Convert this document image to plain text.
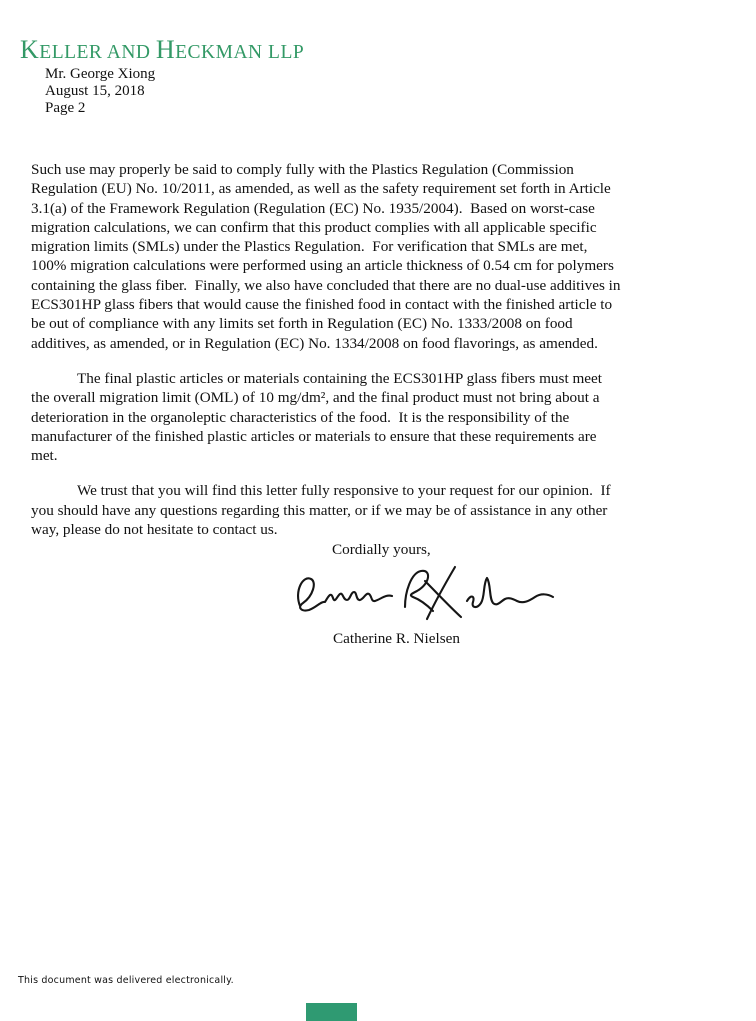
KELLER AND HECKMAN LLP
Mr. George Xiong
August 15, 2018
Page 2
Such use may properly be said to comply fully with the Plastics Regulation (Commission
Regulation (EU) No. 10/2011, as amended, as well as the safety requirement set forth in Article
3.1(a) of the Framework Regulation (Regulation (EC) No. 1935/2004).  Based on worst-case
migration calculations, we can confirm that this product complies with all applicable specific
migration limits (SMLs) under the Plastics Regulation.  For verification that SMLs are met,
100% migration calculations were performed using an article thickness of 0.54 cm for polymers
containing the glass fiber.  Finally, we also have concluded that there are no dual-use additives in
ECS301HP glass fibers that would cause the finished food in contact with the finished article to
be out of compliance with any limits set forth in Regulation (EC) No. 1333/2008 on food
additives, as amended, or in Regulation (EC) No. 1334/2008 on food flavorings, as amended.
The final plastic articles or materials containing the ECS301HP glass fibers must meet
the overall migration limit (OML) of 10 mg/dm², and the final product must not bring about a
deterioration in the organoleptic characteristics of the food.  It is the responsibility of the
manufacturer of the finished plastic articles or materials to ensure that these requirements are
met.
We trust that you will find this letter fully responsive to your request for our opinion.  If
you should have any questions regarding this matter, or if we may be of assistance in any other
way, please do not hesitate to contact us.
Cordially yours,
Catherine R. Nielsen
This document was delivered electronically.
